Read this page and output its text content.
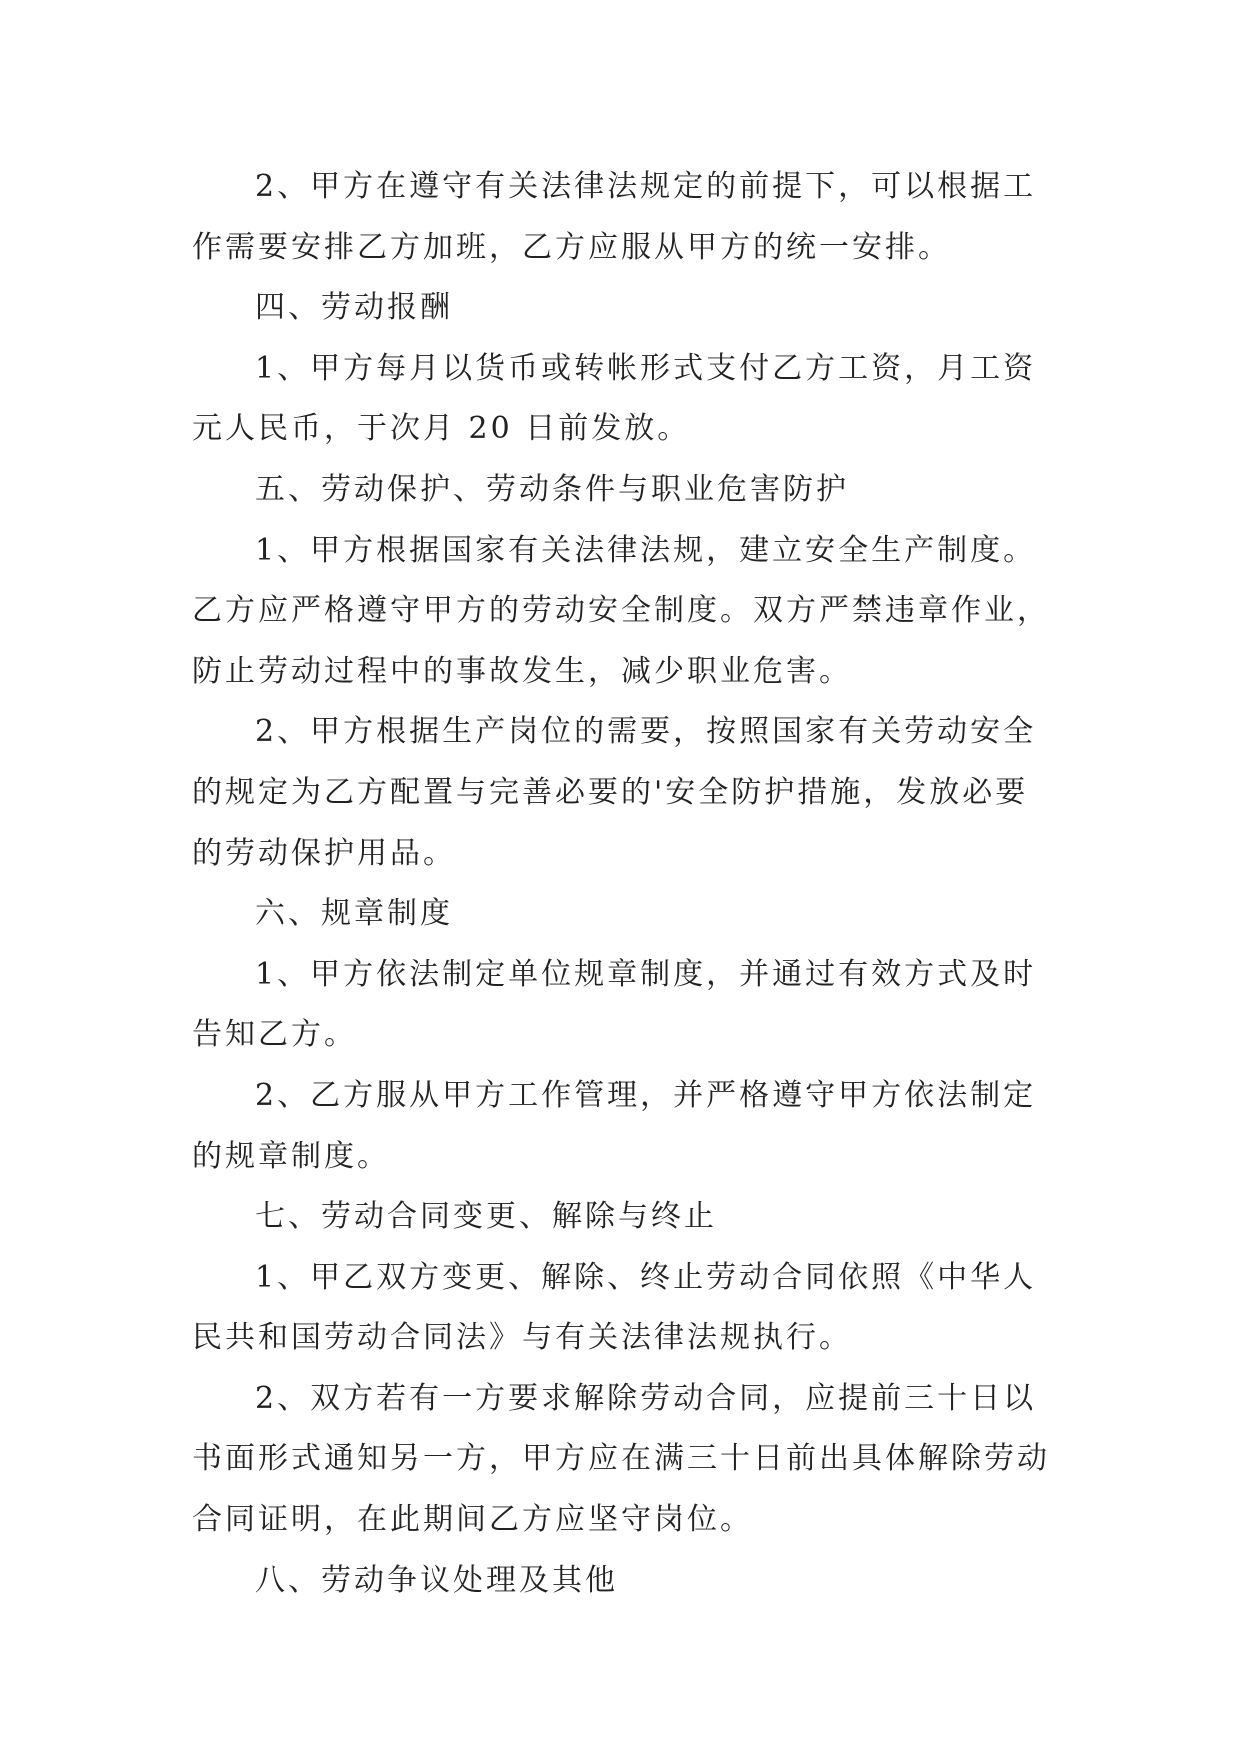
2、甲方在遵守有关法律法规定的前提下，可以根据工
作需要安排乙方加班，乙方应服从甲方的统一安排。
四、劳动报酬
1、甲方每月以货币或转帐形式支付乙方工资，月工资
元人民币，于次月 20 日前发放。
五、劳动保护、劳动条件与职业危害防护
1、甲方根据国家有关法律法规，建立安全生产制度。
乙方应严格遵守甲方的劳动安全制度。双方严禁违章作业，
防止劳动过程中的事故发生，减少职业危害。
2、甲方根据生产岗位的需要，按照国家有关劳动安全
的规定为乙方配置与完善必要的'安全防护措施，发放必要
的劳动保护用品。
六、规章制度
1、甲方依法制定单位规章制度，并通过有效方式及时
告知乙方。
2、乙方服从甲方工作管理，并严格遵守甲方依法制定
的规章制度。
七、劳动合同变更、解除与终止
1、甲乙双方变更、解除、终止劳动合同依照《中华人
民共和国劳动合同法》与有关法律法规执行。
2、双方若有一方要求解除劳动合同，应提前三十日以
书面形式通知另一方，甲方应在满三十日前出具体解除劳动
合同证明，在此期间乙方应坚守岗位。
八、劳动争议处理及其他
